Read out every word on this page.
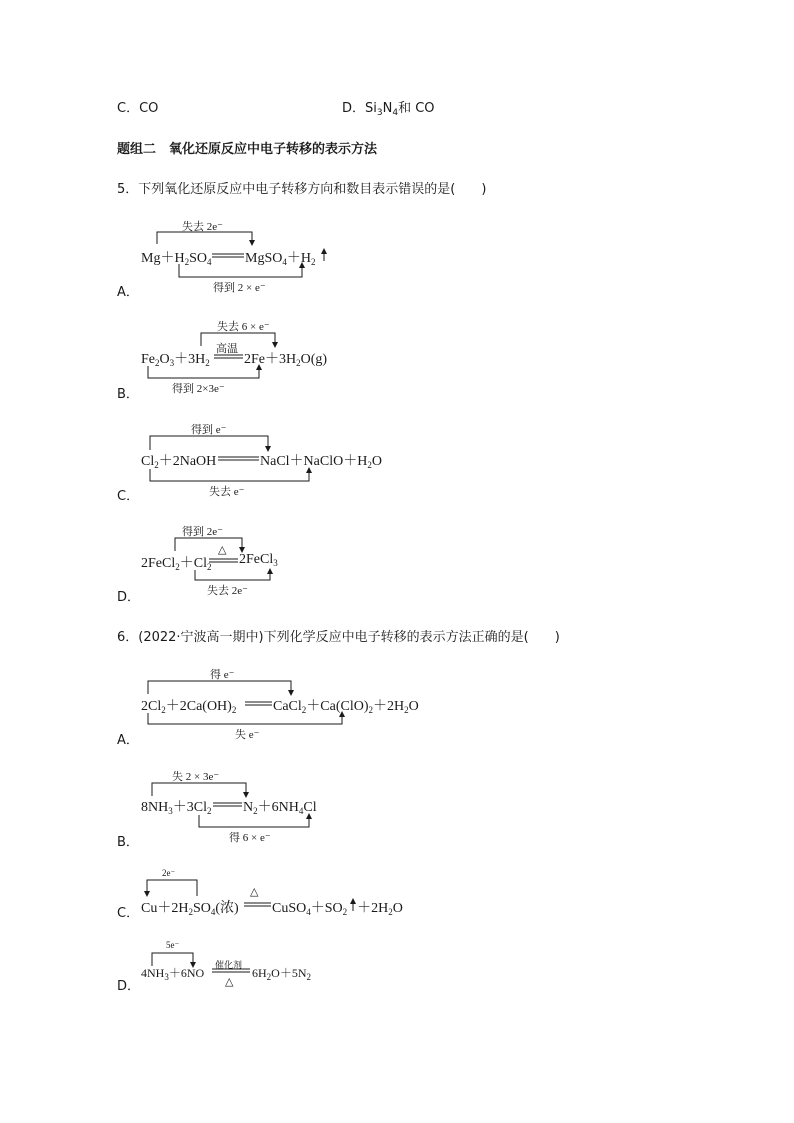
C．CO	D．$Si_3N_4$和 CO
题组二　氧化还原反应中电子转移的表示方法
5．下列氧化还原反应中电子转移方向和数目表示错误的是(　　)
失去 2e⁻
$Mg+H_2SO_4$ $MgSO_4+H_2$
得到 2 × e⁻
A．
失去 6 × e⁻
高温
$Fe_2O_3+3H_2$ $2Fe+3H_2O(g)$
得到 2×3e⁻
B．
得到 e⁻
$Cl_2+2NaOH$	$NaCl+NaClO+H_2O$
失去 e⁻
C．
得到 2e⁻
△
$2FeCl_2+Cl_2$ 2FeCl$_3$
失去 2e⁻
D．
6．(2022·宁波高一期中)下列化学反应中电子转移的表示方法正确的是(　　)
得 e⁻
$2Cl_2+2Ca(OH)_2$	$CaCl_2+Ca(ClO)_2+2H_2O$
失 e⁻
A．
失 2 × 3e⁻
$8NH_3+3Cl_2$ $N_2+6NH_4Cl$
得 6 × e⁻
B．
2e⁻
△
$Cu+2H_2SO_4$(浓) $CuSO_4+SO_2 +2H_2O$
C．
5e⁻
催化剂
$4NH_3+6NO$	$6H_2O+5N_2$
△
D．
